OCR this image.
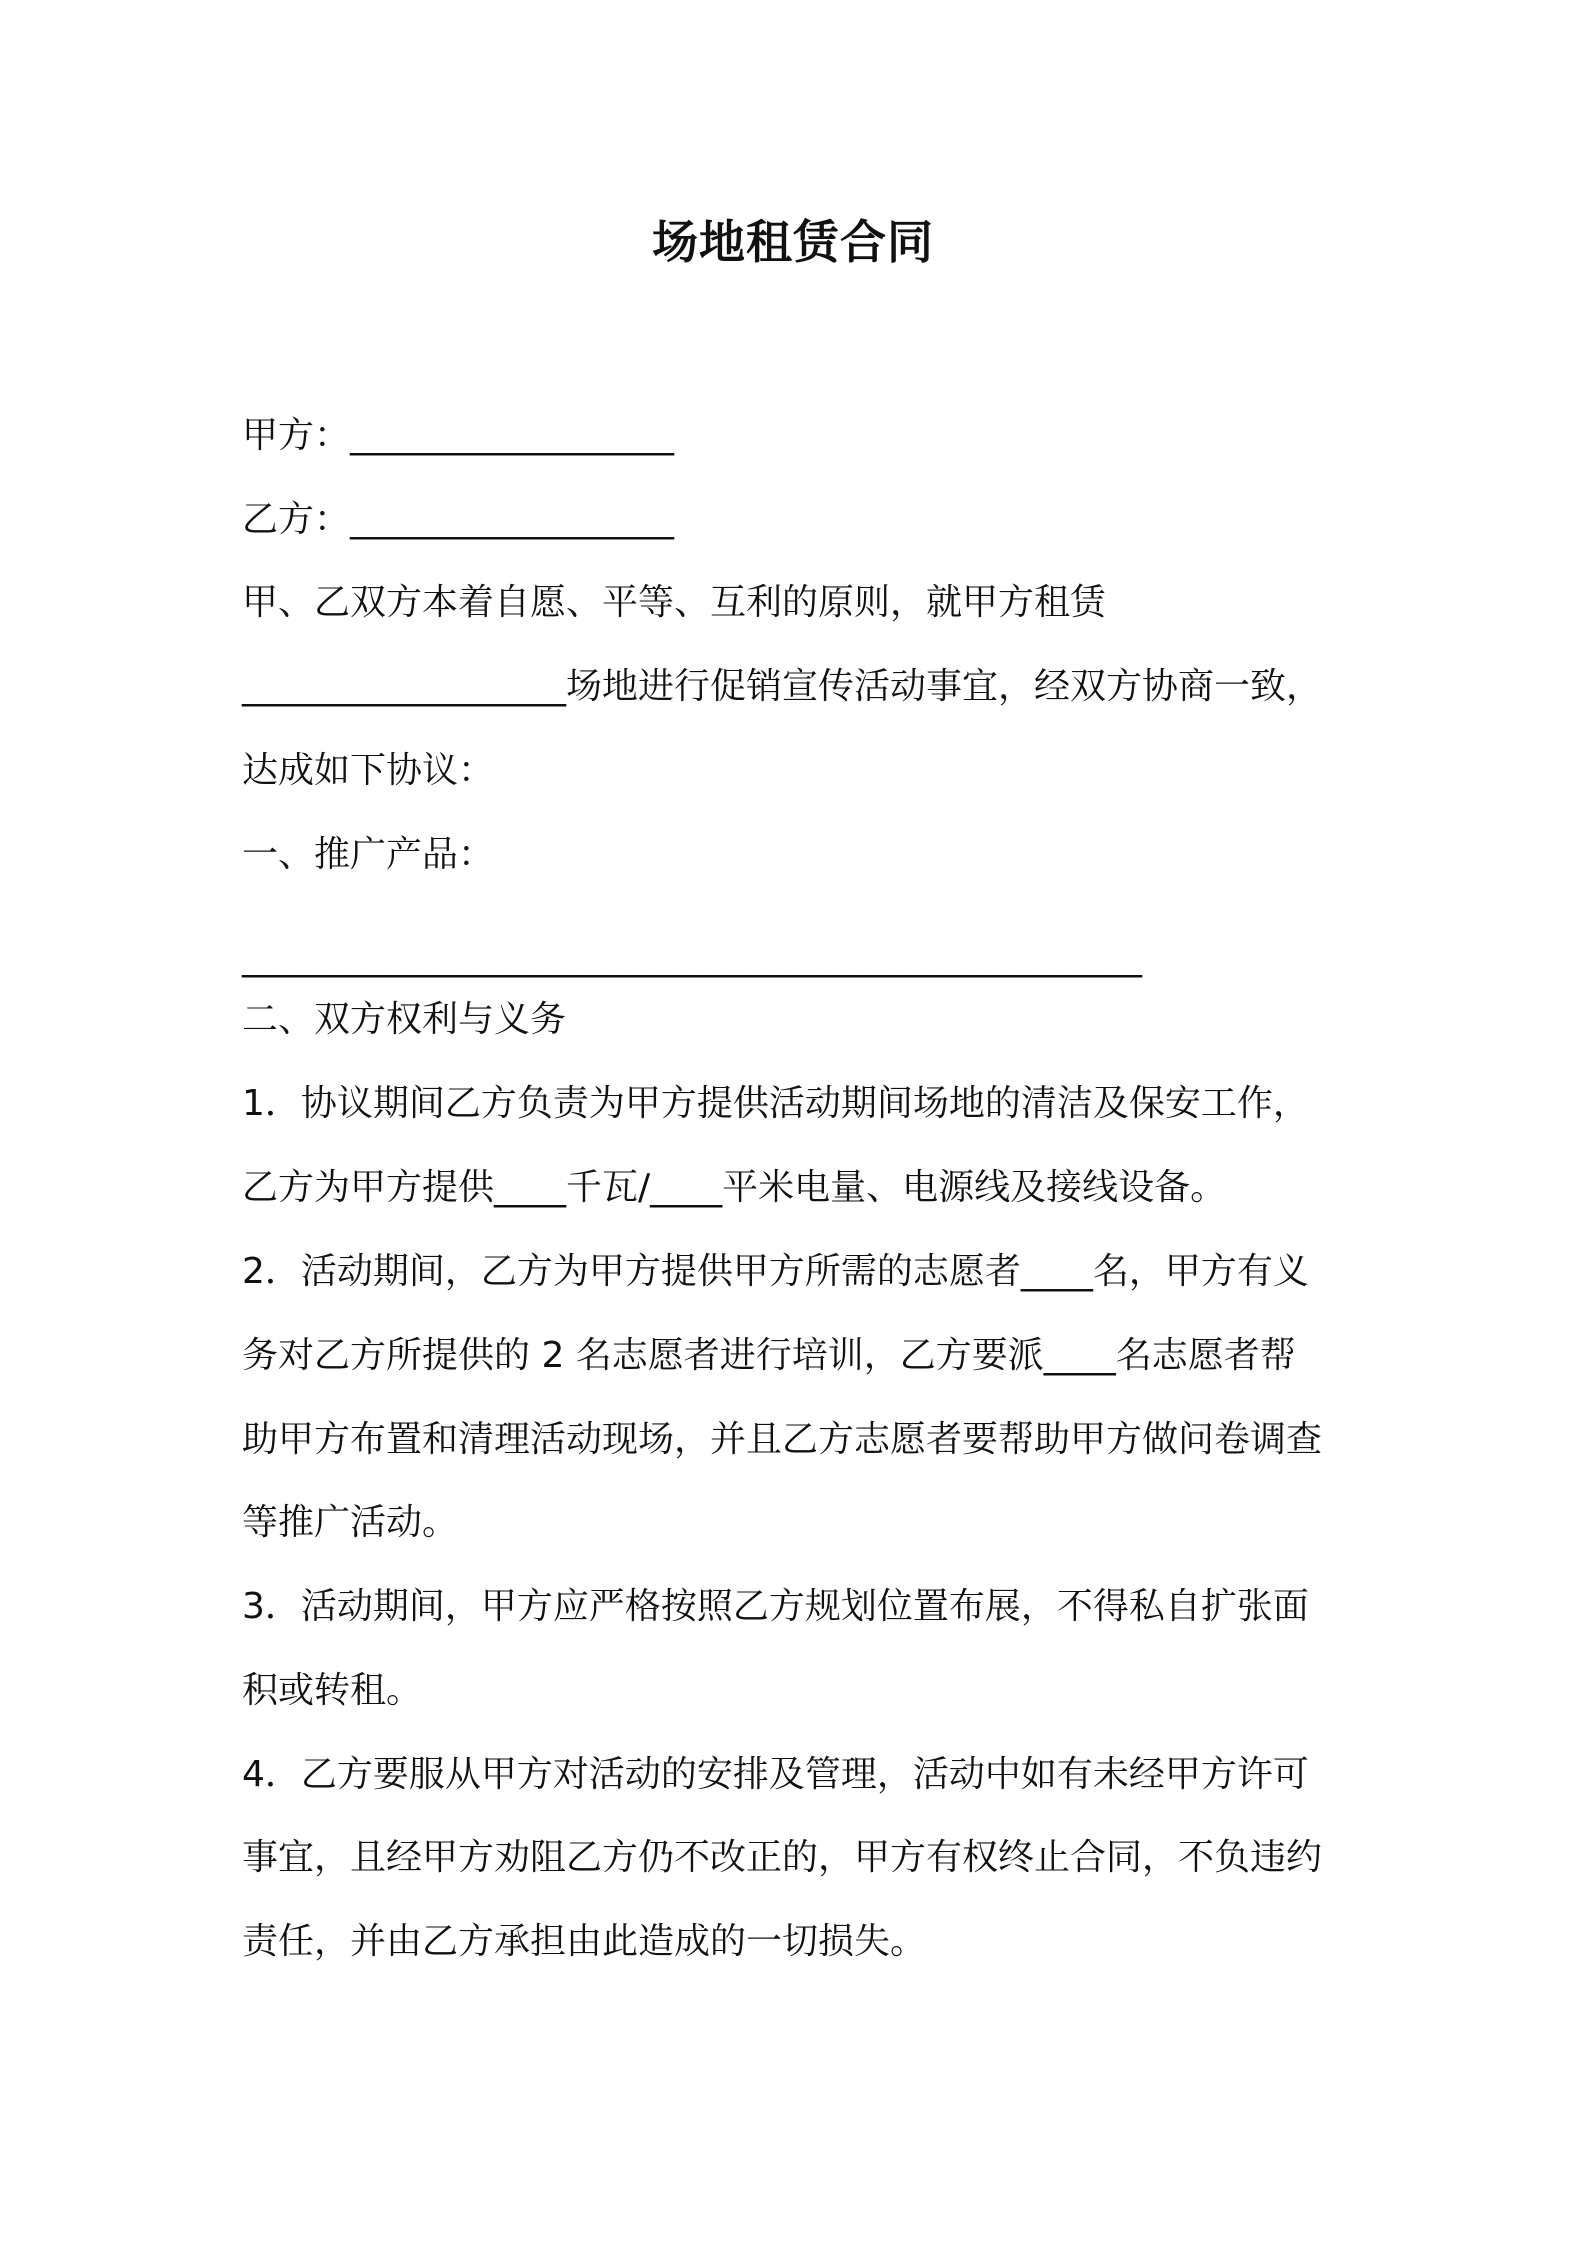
场地租赁合同
甲方：__________________
乙方：__________________
甲、乙双方本着自愿、平等、互利的原则，就甲方租赁
__________________场地进行促销宣传活动事宜，经双方协商一致，
达成如下协议：
一、推广产品：
__________________________________________________
二、双方权利与义务
1．协议期间乙方负责为甲方提供活动期间场地的清洁及保安工作，
乙方为甲方提供____千瓦/____平米电量、电源线及接线设备。
2．活动期间，乙方为甲方提供甲方所需的志愿者____名，甲方有义
务对乙方所提供的 2 名志愿者进行培训，乙方要派____名志愿者帮
助甲方布置和清理活动现场，并且乙方志愿者要帮助甲方做问卷调查
等推广活动。
3．活动期间，甲方应严格按照乙方规划位置布展，不得私自扩张面
积或转租。
4．乙方要服从甲方对活动的安排及管理，活动中如有未经甲方许可
事宜，且经甲方劝阻乙方仍不改正的，甲方有权终止合同，不负违约
责任，并由乙方承担由此造成的一切损失。
